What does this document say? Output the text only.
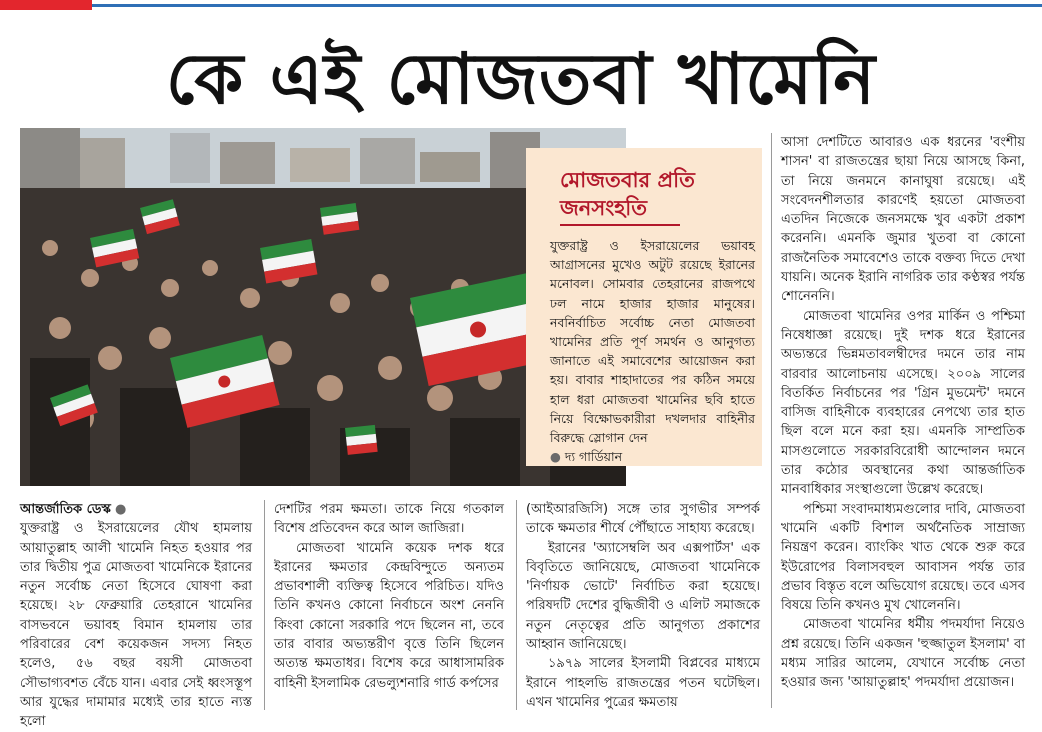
কে এই মোজতবা খামেনি
মোজতবার প্রতি জনসংহতি

যুক্তরাষ্ট্র ও ইসরায়েলের ভয়াবহ আগ্রাসনের মুখেও অটুট রয়েছে ইরানের মনোবল। সোমবার তেহরানের রাজপথে ঢল নামে হাজার হাজার মানুষের। নবনির্বাচিত সর্বোচ্চ নেতা মোজতবা খামেনির প্রতি পূর্ণ সমর্থন ও আনুগত্য জানাতে এই সমাবেশের আয়োজন করা হয়। বাবার শাহাদাতের পর কঠিন সময়ে হাল ধরা মোজতবা খামেনির ছবি হাতে নিয়ে বিক্ষোভকারীরা দখলদার বাহিনীর বিরুদ্ধে স্লোগান দেন

● দ্য গার্ডিয়ান

আন্তর্জাতিক ডেস্ক ●

যুক্তরাষ্ট্র ও ইসরায়েলের যৌথ হামলায় আয়াতুল্লাহ আলী খামেনি নিহত হওয়ার পর তার দ্বিতীয় পুত্র মোজতবা খামেনিকে ইরানের নতুন সর্বোচ্চ নেতা হিসেবে ঘোষণা করা হয়েছে। ২৮ ফেব্রুয়ারি তেহরানে খামেনির বাসভবনে ভয়াবহ বিমান হামলায় তার পরিবারের বেশ কয়েকজন সদস্য নিহত হলেও, ৫৬ বছর বয়সী মোজতবা সৌভাগ্যবশত বেঁচে যান। এবার সেই ধ্বংসস্তূপ আর যুদ্ধের দামামার মধ্যেই তার হাতে ন্যস্ত হলো

দেশটির পরম ক্ষমতা। তাকে নিয়ে গতকাল বিশেষ প্রতিবেদন করে আল জাজিরা।

মোজতবা খামেনি কয়েক দশক ধরে ইরানের ক্ষমতার কেন্দ্রবিন্দুতে অন্যতম প্রভাবশালী ব্যক্তিত্ব হিসেবে পরিচিত। যদিও তিনি কখনও কোনো নির্বাচনে অংশ নেননি কিংবা কোনো সরকারি পদে ছিলেন না, তবে তার বাবার অভ্যন্তরীণ বৃত্তে তিনি ছিলেন অত্যন্ত ক্ষমতাধর। বিশেষ করে আধাসামরিক বাহিনী ইসলামিক রেভল্যুশনারি গার্ড কর্পসের

(আইআরজিসি) সঙ্গে তার সুগভীর সম্পর্ক তাকে ক্ষমতার শীর্ষে পৌঁছাতে সাহায্য করেছে।

ইরানের 'অ্যাসেম্বলি অব এক্সপার্টস' এক বিবৃতিতে জানিয়েছে, মোজতবা খামেনিকে 'নির্ণায়ক ভোটে' নির্বাচিত করা হয়েছে। পরিষদটি দেশের বুদ্ধিজীবী ও এলিট সমাজকে নতুন নেতৃত্বের প্রতি আনুগত্য প্রকাশের আহ্বান জানিয়েছে।

১৯৭৯ সালের ইসলামী বিপ্লবের মাধ্যমে ইরানে পাহলভি রাজতন্ত্রের পতন ঘটেছিল। এখন খামেনির পুত্রের ক্ষমতায়

আসা দেশটিতে আবারও এক ধরনের 'বংশীয় শাসন' বা রাজতন্ত্রের ছায়া নিয়ে আসছে কিনা, তা নিয়ে জনমনে কানাঘুষা রয়েছে। এই সংবেদনশীলতার কারণেই হয়তো মোজতবা এতদিন নিজেকে জনসমক্ষে খুব একটা প্রকাশ করেননি। এমনকি জুমার খুতবা বা কোনো রাজনৈতিক সমাবেশেও তাকে বক্তব্য দিতে দেখা যায়নি। অনেক ইরানি নাগরিক তার কণ্ঠস্বর পর্যন্ত শোনেননি।

মোজতবা খামেনির ওপর মার্কিন ও পশ্চিমা নিষেধাজ্ঞা রয়েছে। দুই দশক ধরে ইরানের অভ্যন্তরে ভিন্নমতাবলম্বীদের দমনে তার নাম বারবার আলোচনায় এসেছে। ২০০৯ সালের বিতর্কিত নির্বাচনের পর 'গ্রিন মুভমেন্ট' দমনে বাসিজ বাহিনীকে ব্যবহারের নেপথ্যে তার হাত ছিল বলে মনে করা হয়। এমনকি সাম্প্রতিক মাসগুলোতে সরকারবিরোধী আন্দোলন দমনে তার কঠোর অবস্থানের কথা আন্তর্জাতিক মানবাধিকার সংস্থাগুলো উল্লেখ করেছে।

পশ্চিমা সংবাদমাধ্যমগুলোর দাবি, মোজতবা খামেনি একটি বিশাল অর্থনৈতিক সাম্রাজ্য নিয়ন্ত্রণ করেন। ব্যাংকিং খাত থেকে শুরু করে ইউরোপের বিলাসবহুল আবাসন পর্যন্ত তার প্রভাব বিস্তৃত বলে অভিযোগ রয়েছে। তবে এসব বিষয়ে তিনি কখনও মুখ খোলেননি।

মোজতবা খামেনির ধর্মীয় পদমর্যাদা নিয়েও প্রশ্ন রয়েছে। তিনি একজন 'হুজ্জাতুল ইসলাম' বা মধ্যম সারির আলেম, যেখানে সর্বোচ্চ নেতা হওয়ার জন্য 'আয়াতুল্লাহ' পদমর্যাদা প্রয়োজন।
